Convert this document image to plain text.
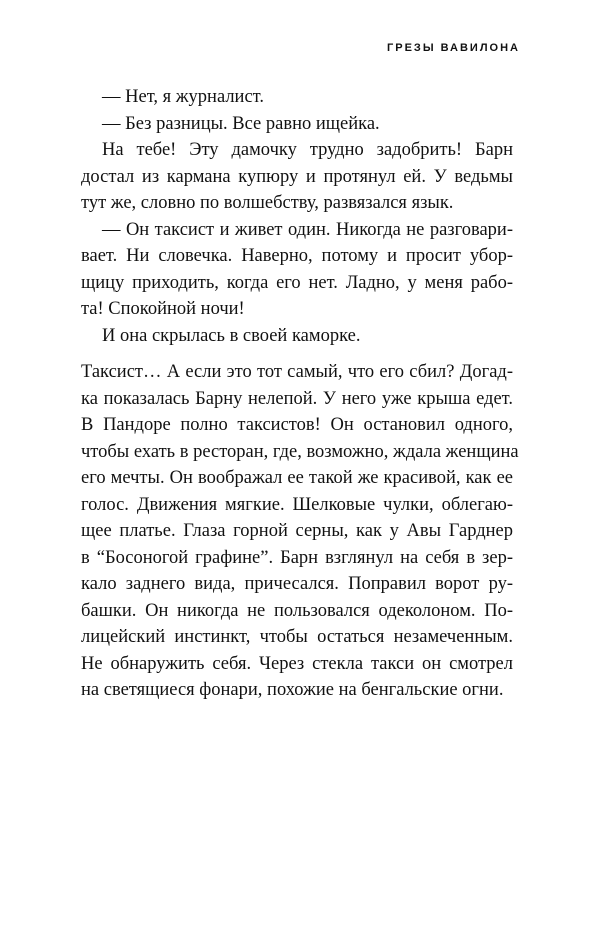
ГРЕЗЫ ВАВИЛОНА

— Нет, я журналист.

— Без разницы. Все равно ищейка.

На тебе! Эту дамочку трудно задобрить! Барн
достал из кармана купюру и протянул ей. У ведьмы
тут же, словно по волшебству, развязался язык.

— Он таксист и живет один. Никогда не разговари-
вает. Ни словечка. Наверно, потому и просит убор-
щицу приходить, когда его нет. Ладно, у меня рабо-
та! Спокойной ночи!

И она скрылась в своей каморке.

Таксист… А если это тот самый, что его сбил? Догад-
ка показалась Барну нелепой. У него уже крыша едет.
В Пандоре полно таксистов! Он остановил одного,
чтобы ехать в ресторан, где, возможно, ждала женщина
его мечты. Он воображал ее такой же красивой, как ее
голос. Движения мягкие. Шелковые чулки, облегаю-
щее платье. Глаза горной серны, как у Авы Гарднер
в “Босоногой графине”. Барн взглянул на себя в зер-
кало заднего вида, причесался. Поправил ворот ру-
башки. Он никогда не пользовался одеколоном. По-
лицейский инстинкт, чтобы остаться незамеченным.
Не обнаружить себя. Через стекла такси он смотрел
на светящиеся фонари, похожие на бенгальские огни.
